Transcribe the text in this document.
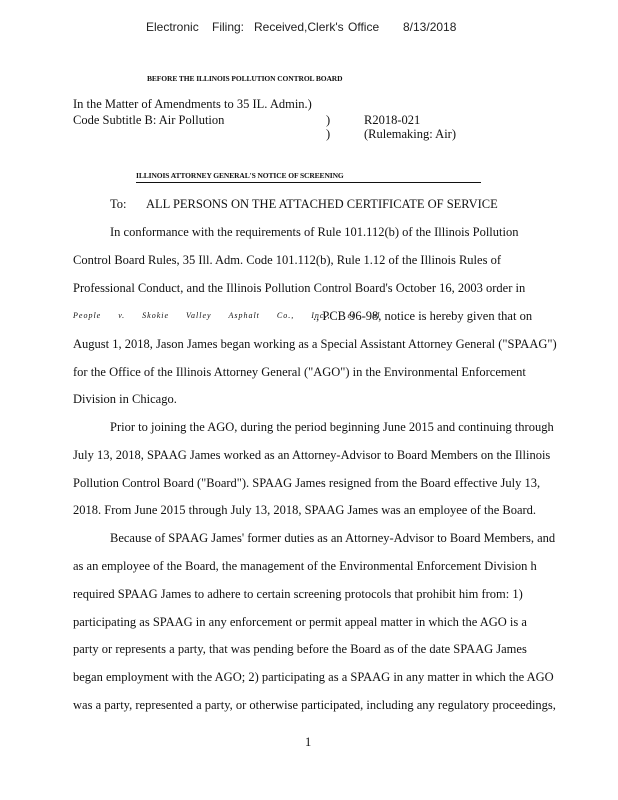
Electronic Filing: Received,Clerk's Office 8/13/2018
BEFORE THE ILLINOIS POLLUTION CONTROL BOARD
In the Matter of Amendments to 35 IL. Admin.)
Code Subtitle B: Air Pollution	)
)
R2018-021
(Rulemaking: Air)
ILLINOIS ATTORNEY GENERAL'S NOTICE OF SCREENING
To: ALL PERSONS ON THE ATTACHED CERTIFICATE OF SERVICE
In conformance with the requirements of Rule 101.112(b) of the Illinois Pollution
Control Board Rules, 35 Ill. Adm. Code 101.112(b), Rule 1.12 of the Illinois Rules of
Professional Conduct, and the Illinois Pollution Control Board's October 16, 2003 order in
People v. Skokie Valley Asphalt Co., Inc., et al
., PCB 96-98, notice is hereby given that on
August 1, 2018, Jason James began working as a Special Assistant Attorney General ("SPAAG")
for the Office of the Illinois Attorney General ("AGO") in the Environmental Enforcement
Division in Chicago.
Prior to joining the AGO, during the period beginning June 2015 and continuing through
July 13, 2018, SPAAG James worked as an Attorney-Advisor to Board Members on the Illinois
Pollution Control Board ("Board"). SPAAG James resigned from the Board effective July 13,
2018. From June 2015 through July 13, 2018, SPAAG James was an employee of the Board.
Because of SPAAG James' former duties as an Attorney-Advisor to Board Members, and
as an employee of the Board, the management of the Environmental Enforcement Division h
required SPAAG James to adhere to certain screening protocols that prohibit him from: 1)
participating as SPAAG in any enforcement or permit appeal matter in which the AGO is a
party or represents a party, that was pending before the Board as of the date SPAAG James
began employment with the AGO; 2) participating as a SPAAG in any matter in which the AGO
was a party, represented a party, or otherwise participated, including any regulatory proceedings,
1
